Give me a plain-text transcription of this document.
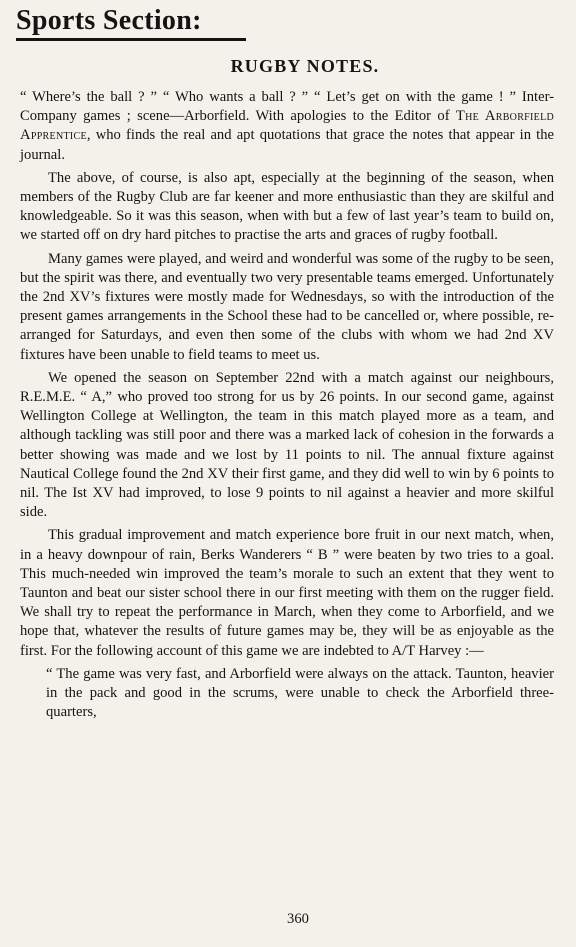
Sports Section:
RUGBY NOTES.

“ Where’s the ball ? ” “ Who wants a ball ? ” “ Let’s get on with the game ! ” Inter-Company games ; scene—Arborfield. With apologies to the Editor of The Arborfield Apprentice, who finds the real and apt quotations that grace the notes that appear in the journal.

The above, of course, is also apt, especially at the beginning of the season, when members of the Rugby Club are far keener and more enthusiastic than they are skilful and knowledgeable. So it was this season, when with but a few of last year’s team to build on, we started off on dry hard pitches to practise the arts and graces of rugby football.

Many games were played, and weird and wonderful was some of the rugby to be seen, but the spirit was there, and eventually two very presentable teams emerged. Unfortunately the 2nd XV’s fixtures were mostly made for Wednesdays, so with the introduction of the present games arrangements in the School these had to be cancelled or, where possible, re-arranged for Saturdays, and even then some of the clubs with whom we had 2nd XV fixtures have been unable to field teams to meet us.

We opened the season on September 22nd with a match against our neighbours, R.E.M.E. “ A,” who proved too strong for us by 26 points. In our second game, against Wellington College at Wellington, the team in this match played more as a team, and although tackling was still poor and there was a marked lack of cohesion in the forwards a better showing was made and we lost by 11 points to nil. The annual fixture against Nautical College found the 2nd XV their first game, and they did well to win by 6 points to nil. The Ist XV had improved, to lose 9 points to nil against a heavier and more skilful side.

This gradual improvement and match experience bore fruit in our next match, when, in a heavy downpour of rain, Berks Wanderers “ B ” were beaten by two tries to a goal. This much-needed win improved the team’s morale to such an extent that they went to Taunton and beat our sister school there in our first meeting with them on the rugger field. We shall try to repeat the performance in March, when they come to Arborfield, and we hope that, whatever the results of future games may be, they will be as enjoyable as the first. For the following account of this game we are indebted to A/T Harvey :—

“ The game was very fast, and Arborfield were always on the attack. Taunton, heavier in the pack and good in the scrums, were unable to check the Arborfield three-quarters,

360
